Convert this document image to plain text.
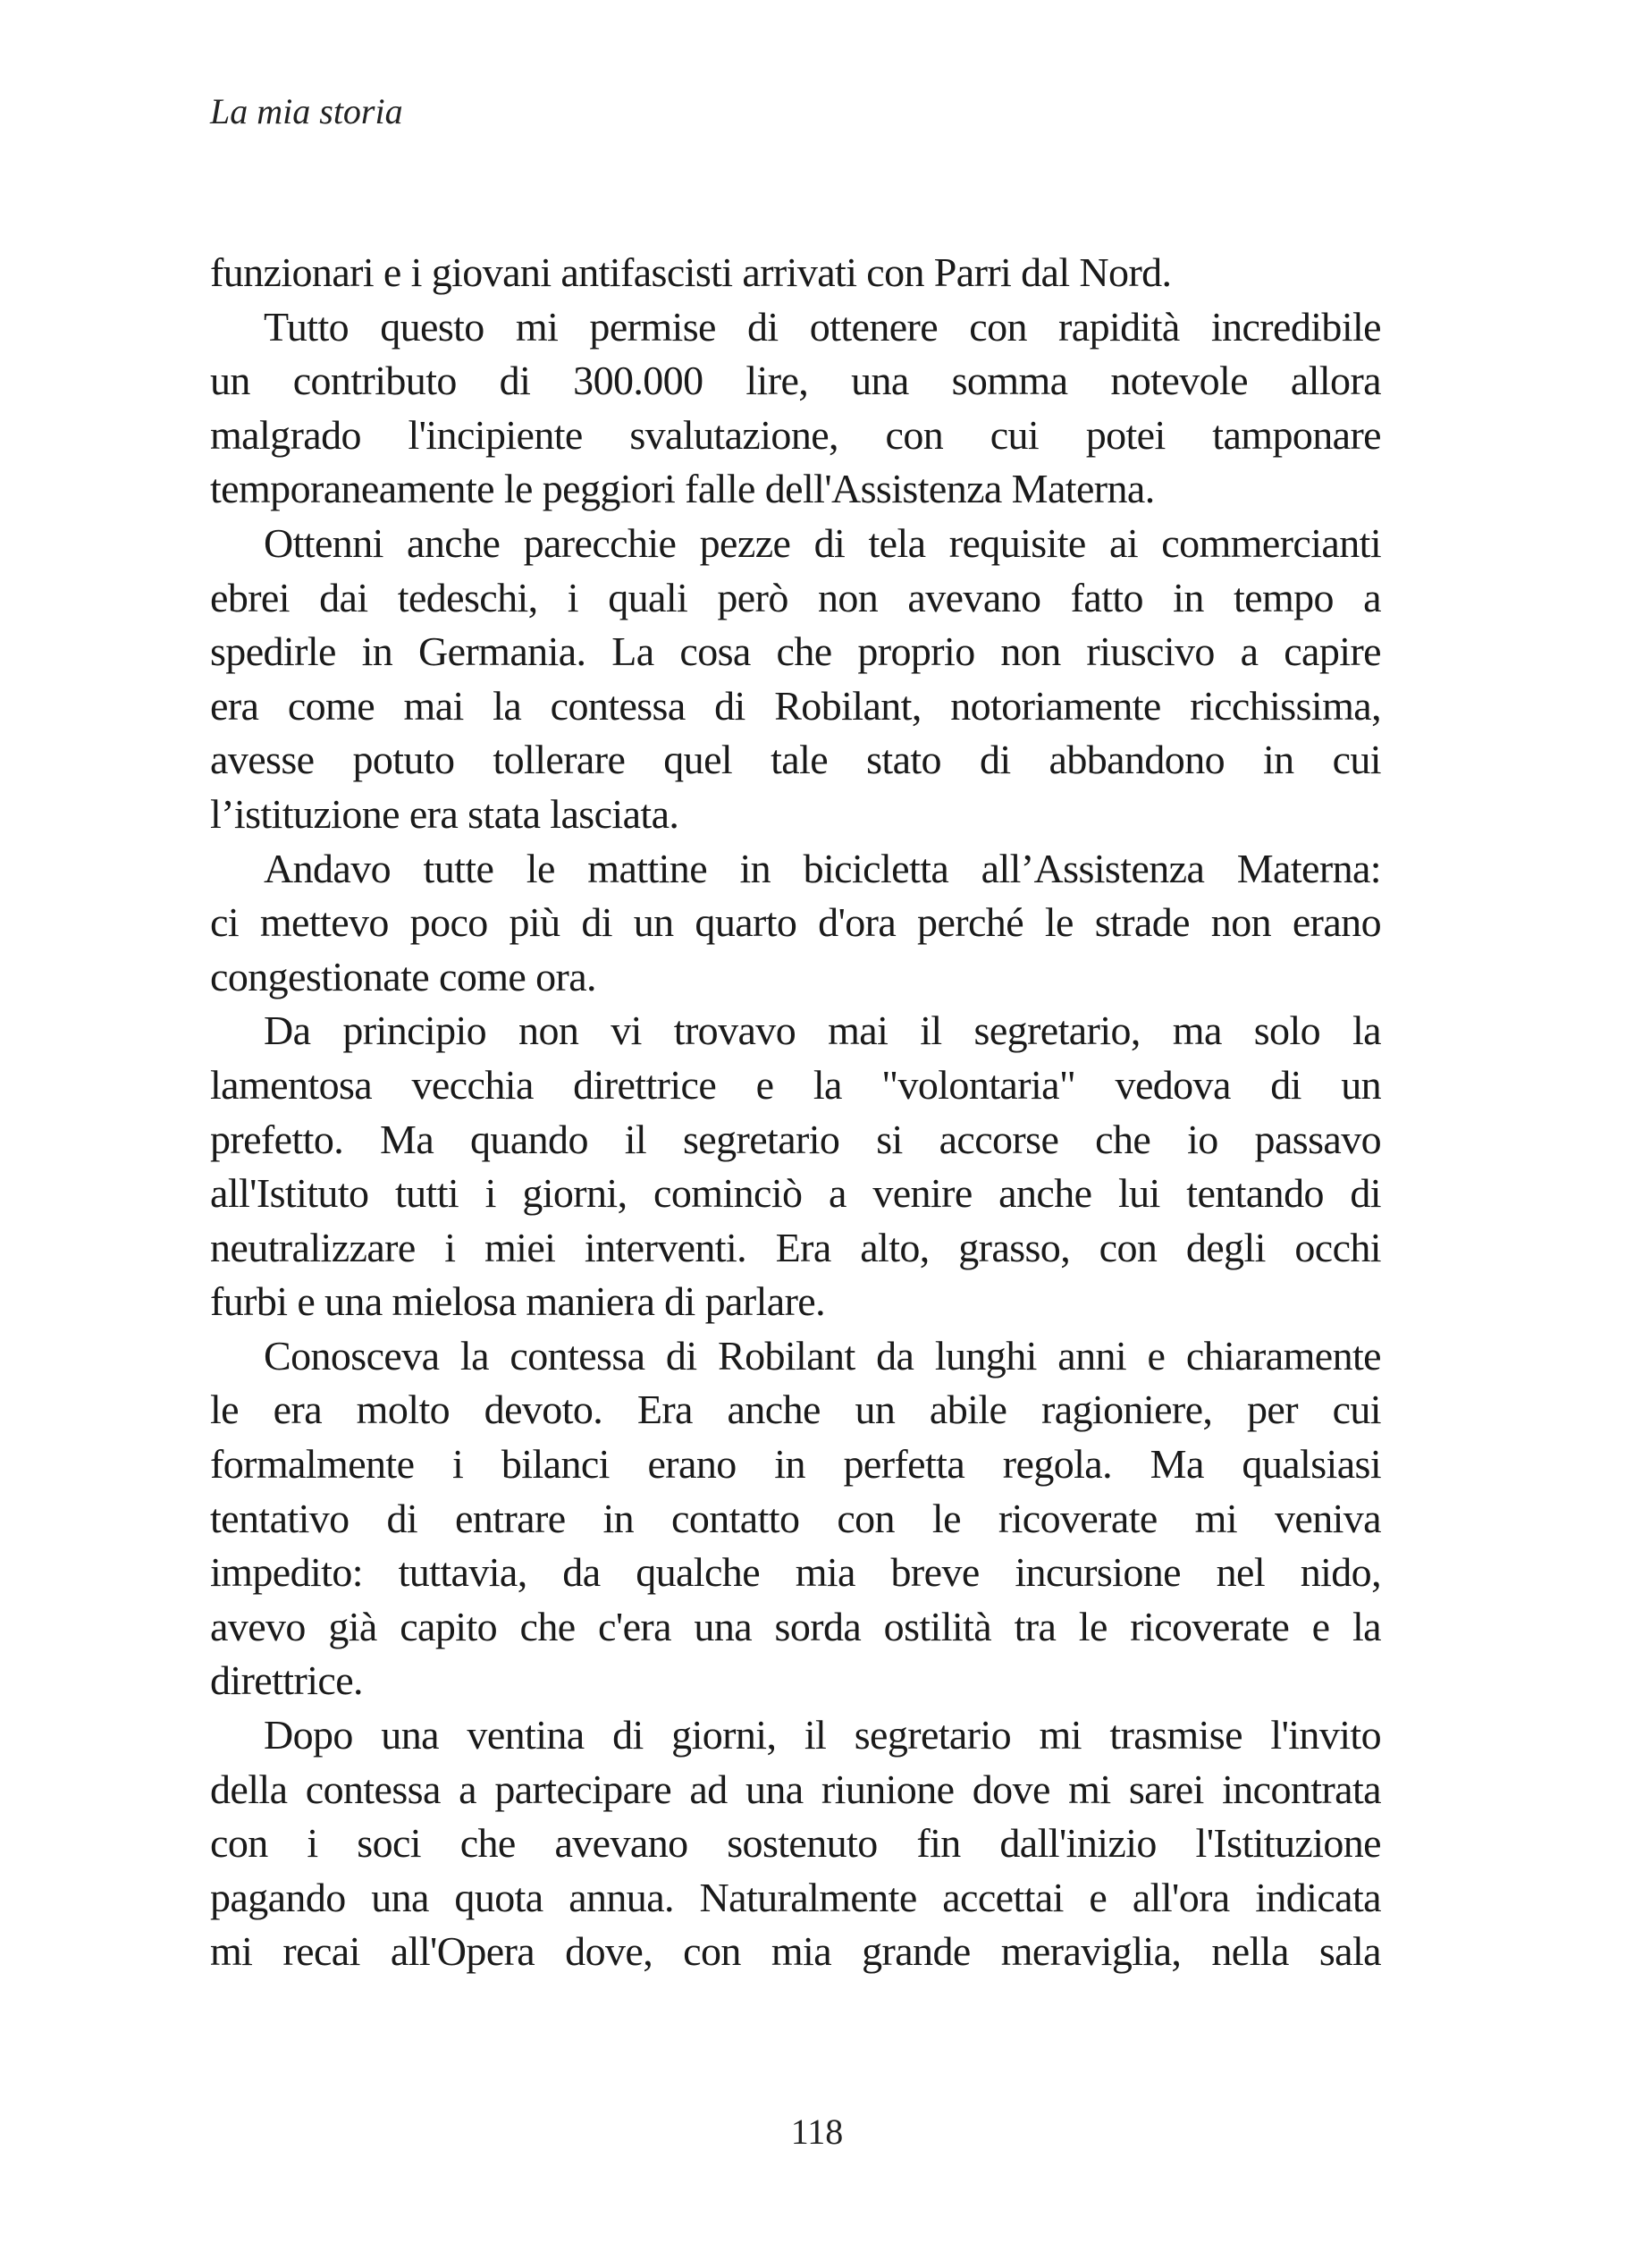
La mia storia
funzionari e i giovani antifascisti arrivati con Parri dal Nord.
Tutto questo mi permise di ottenere con rapidità incredibile
un contributo di 300.000 lire, una somma notevole allora
malgrado l'incipiente svalutazione, con cui potei tamponare
temporaneamente le peggiori falle dell'Assistenza Materna.
Ottenni anche parecchie pezze di tela requisite ai commercianti
ebrei dai tedeschi, i quali però non avevano fatto in tempo a
spedirle in Germania. La cosa che proprio non riuscivo a capire
era come mai la contessa di Robilant, notoriamente ricchissima,
avesse potuto tollerare quel tale stato di abbandono in cui
l’istituzione era stata lasciata.
Andavo tutte le mattine in bicicletta all’Assistenza Materna:
ci mettevo poco più di un quarto d'ora perché le strade non erano
congestionate come ora.
Da principio non vi trovavo mai il segretario, ma solo la
lamentosa vecchia direttrice e la "volontaria" vedova di un
prefetto. Ma quando il segretario si accorse che io passavo
all'Istituto tutti i giorni, cominciò a venire anche lui tentando di
neutralizzare i miei interventi. Era alto, grasso, con degli occhi
furbi e una mielosa maniera di parlare.
Conosceva la contessa di Robilant da lunghi anni e chiaramente
le era molto devoto. Era anche un abile ragioniere, per cui
formalmente i bilanci erano in perfetta regola. Ma qualsiasi
tentativo di entrare in contatto con le ricoverate mi veniva
impedito: tuttavia, da qualche mia breve incursione nel nido,
avevo già capito che c'era una sorda ostilità tra le ricoverate e la
direttrice.
Dopo una ventina di giorni, il segretario mi trasmise l'invito
della contessa a partecipare ad una riunione dove mi sarei incontrata
con i soci che avevano sostenuto fin dall'inizio l'Istituzione
pagando una quota annua. Naturalmente accettai e all'ora indicata
mi recai all'Opera dove, con mia grande meraviglia, nella sala
118
